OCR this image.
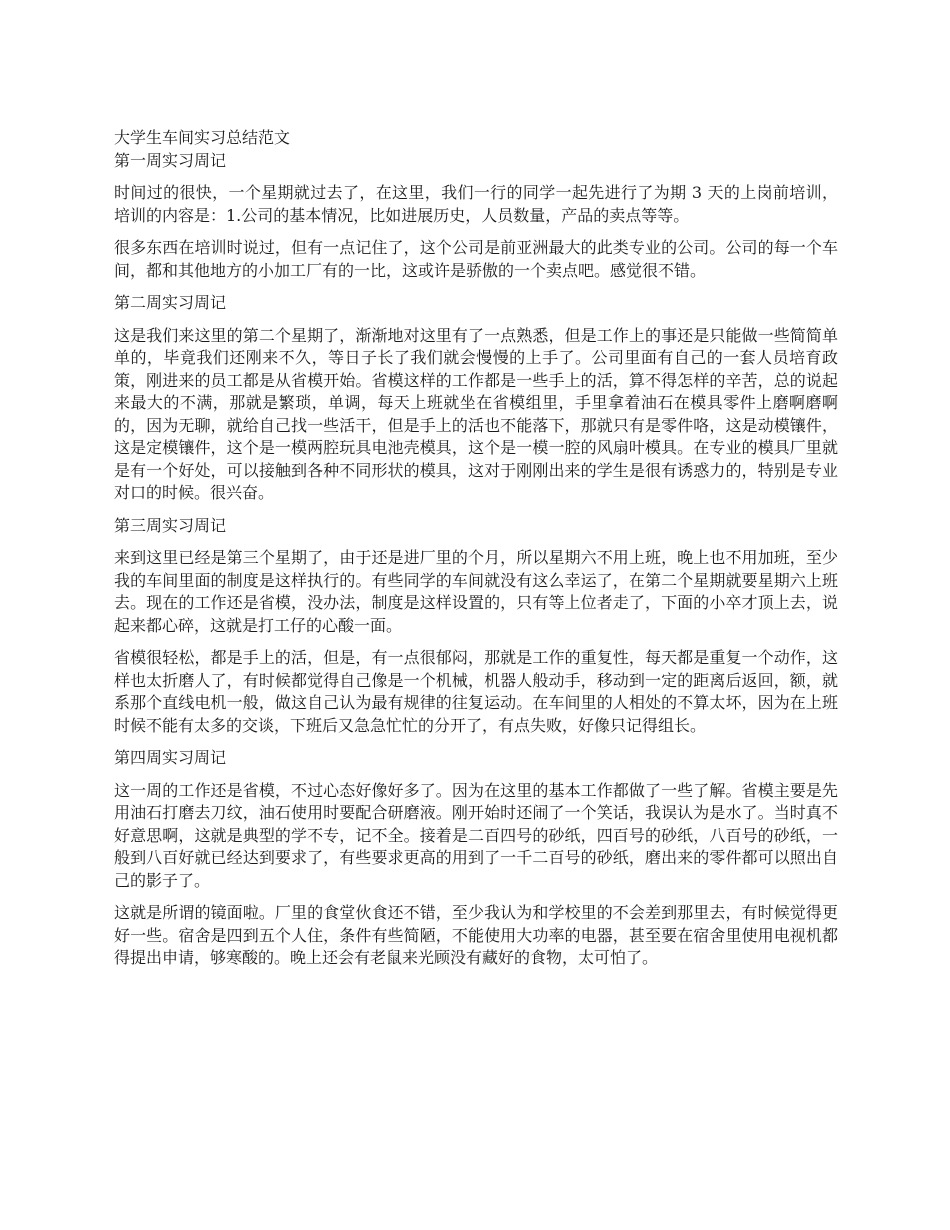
大学生车间实习总结范文
第一周实习周记

时间过的很快，一个星期就过去了，在这里，我们一行的同学一起先进行了为期 3 天的上岗前培训，培训的内容是：1.公司的基本情况，比如进展历史，人员数量，产品的卖点等等。

很多东西在培训时说过，但有一点记住了，这个公司是前亚洲最大的此类专业的公司。公司的每一个车间，都和其他地方的小加工厂有的一比，这或许是骄傲的一个卖点吧。感觉很不错。

第二周实习周记

这是我们来这里的第二个星期了，渐渐地对这里有了一点熟悉，但是工作上的事还是只能做一些简简单单的，毕竟我们还刚来不久，等日子长了我们就会慢慢的上手了。公司里面有自己的一套人员培育政策，刚进来的员工都是从省模开始。省模这样的工作都是一些手上的活，算不得怎样的辛苦，总的说起来最大的不满，那就是繁琐，单调，每天上班就坐在省模组里，手里拿着油石在模具零件上磨啊磨啊的，因为无聊，就给自己找一些活干，但是手上的活也不能落下，那就只有是零件咯，这是动模镶件，这是定模镶件，这个是一模两腔玩具电池壳模具，这个是一模一腔的风扇叶模具。在专业的模具厂里就是有一个好处，可以接触到各种不同形状的模具，这对于刚刚出来的学生是很有诱惑力的，特别是专业对口的时候。很兴奋。

第三周实习周记

来到这里已经是第三个星期了，由于还是进厂里的个月，所以星期六不用上班，晚上也不用加班，至少我的车间里面的制度是这样执行的。有些同学的车间就没有这么幸运了，在第二个星期就要星期六上班去。现在的工作还是省模，没办法，制度是这样设置的，只有等上位者走了，下面的小卒才顶上去，说起来都心碎，这就是打工仔的心酸一面。

省模很轻松，都是手上的活，但是，有一点很郁闷，那就是工作的重复性，每天都是重复一个动作，这样也太折磨人了，有时候都觉得自己像是一个机械，机器人般动手，移动到一定的距离后返回，额，就系那个直线电机一般，做这自己认为最有规律的往复运动。在车间里的人相处的不算太坏，因为在上班时候不能有太多的交谈，下班后又急急忙忙的分开了，有点失败，好像只记得组长。

第四周实习周记

这一周的工作还是省模，不过心态好像好多了。因为在这里的基本工作都做了一些了解。省模主要是先用油石打磨去刀纹，油石使用时要配合研磨液。刚开始时还闹了一个笑话，我误认为是水了。当时真不好意思啊，这就是典型的学不专，记不全。接着是二百四号的砂纸，四百号的砂纸，八百号的砂纸，一般到八百好就已经达到要求了，有些要求更高的用到了一千二百号的砂纸，磨出来的零件都可以照出自己的影子了。

这就是所谓的镜面啦。厂里的食堂伙食还不错，至少我认为和学校里的不会差到那里去，有时候觉得更好一些。宿舍是四到五个人住，条件有些简陋，不能使用大功率的电器，甚至要在宿舍里使用电视机都得提出申请，够寒酸的。晚上还会有老鼠来光顾没有藏好的食物，太可怕了。
